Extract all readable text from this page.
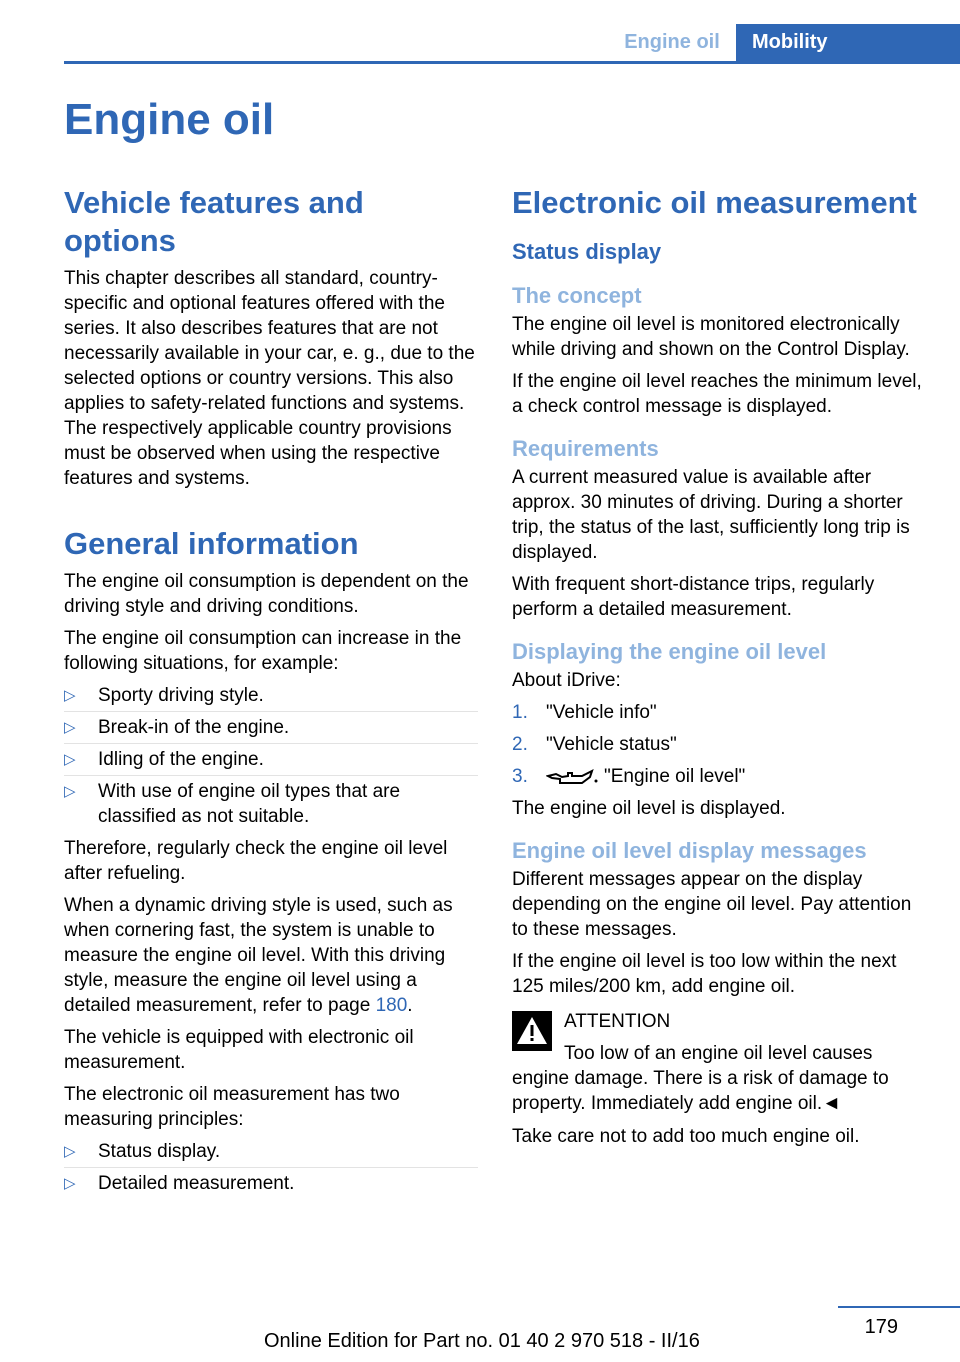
Engine oil	Mobility
Engine oil
Vehicle features and options

This chapter describes all standard, country-specific and optional features offered with the series. It also describes features that are not necessarily available in your car, e. g., due to the selected options or country versions. This also applies to safety-related functions and systems. The respectively applicable country provisions must be observed when using the respective features and systems.

General information

The engine oil consumption is dependent on the driving style and driving conditions.

The engine oil consumption can increase in the following situations, for example:

▷ Sporty driving style.
▷ Break-in of the engine.
▷ Idling of the engine.
▷ With use of engine oil types that are classified as not suitable.

Therefore, regularly check the engine oil level after refueling.

When a dynamic driving style is used, such as when cornering fast, the system is unable to measure the engine oil level. With this driving style, measure the engine oil level using a detailed measurement, refer to page 180.

The vehicle is equipped with electronic oil measurement.

The electronic oil measurement has two measuring principles:

▷ Status display.
▷ Detailed measurement.
Electronic oil measurement
Status display
The concept

The engine oil level is monitored electronically while driving and shown on the Control Display.

If the engine oil level reaches the minimum level, a check control message is displayed.

Requirements

A current measured value is available after approx. 30 minutes of driving. During a shorter trip, the status of the last, sufficiently long trip is displayed.

With frequent short-distance trips, regularly perform a detailed measurement.

Displaying the engine oil level

About iDrive:

1. "Vehicle info"
2. "Vehicle status"
3.	"Engine oil level"

The engine oil level is displayed.

Engine oil level display messages

Different messages appear on the display depending on the engine oil level. Pay attention to these messages.

If the engine oil level is too low within the next 125 miles/200 km, add engine oil.

ATTENTION

Too low of an engine oil level causes engine damage. There is a risk of damage to property. Immediately add engine oil.◄

Take care not to add too much engine oil.

179
Online Edition for Part no. 01 40 2 970 518 - II/16
